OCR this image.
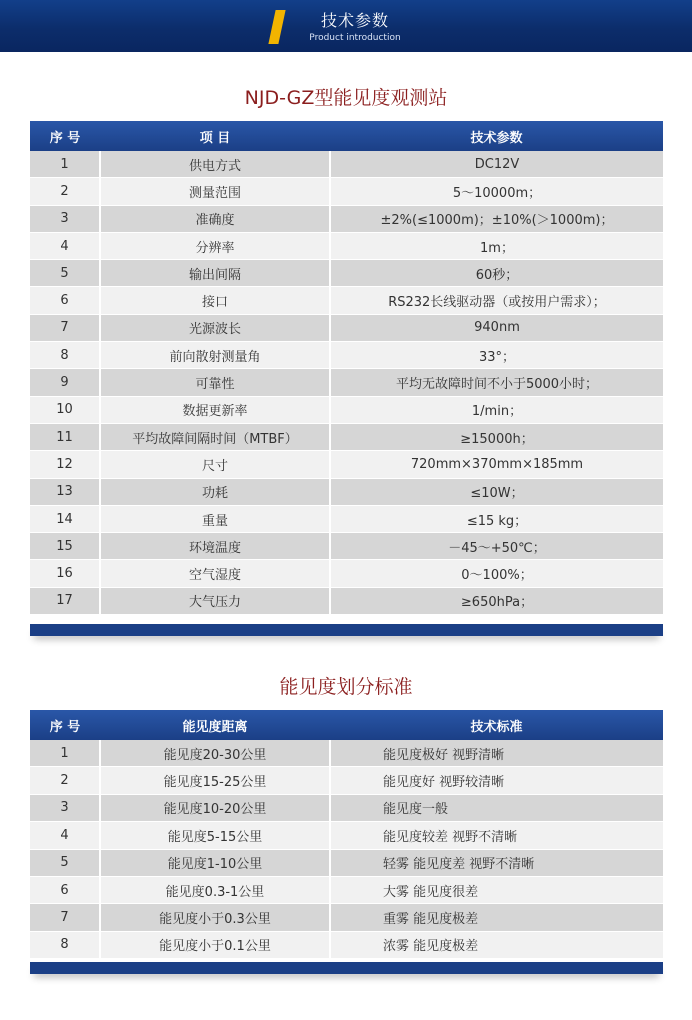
技术参数
Product introduction
NJD-GZ型能见度观测站
序 号	项 目	技术参数
1	供电方式	DC12V
2	测量范围	5～10000m；
3	准确度	±2%(≤1000m)；±10%(＞1000m)；
4	分辨率	1m；
5	输出间隔	60秒；
6	接口	RS232长线驱动器（或按用户需求）；
7	光源波长	940nm
8	前向散射测量角	33°；
9	可靠性	平均无故障时间不小于5000小时；
10	数据更新率	1/min；
11	平均故障间隔时间（MTBF）	≥15000h；
12	尺寸	720mm×370mm×185mm
13	功耗	≤10W；
14	重量	≤15 kg；
15	环境温度	－45～+50℃；
16	空气湿度	0～100%；
17	大气压力	≥650hPa；
能见度划分标准
序 号	能见度距离	技术标准
1	能见度20-30公里	能见度极好 视野清晰
2	能见度15-25公里	能见度好 视野较清晰
3	能见度10-20公里	能见度一般
4	能见度5-15公里	能见度较差 视野不清晰
5	能见度1-10公里	轻雾 能见度差 视野不清晰
6	能见度0.3-1公里	大雾 能见度很差
7	能见度小于0.3公里	重雾 能见度极差
8	能见度小于0.1公里	浓雾 能见度极差
